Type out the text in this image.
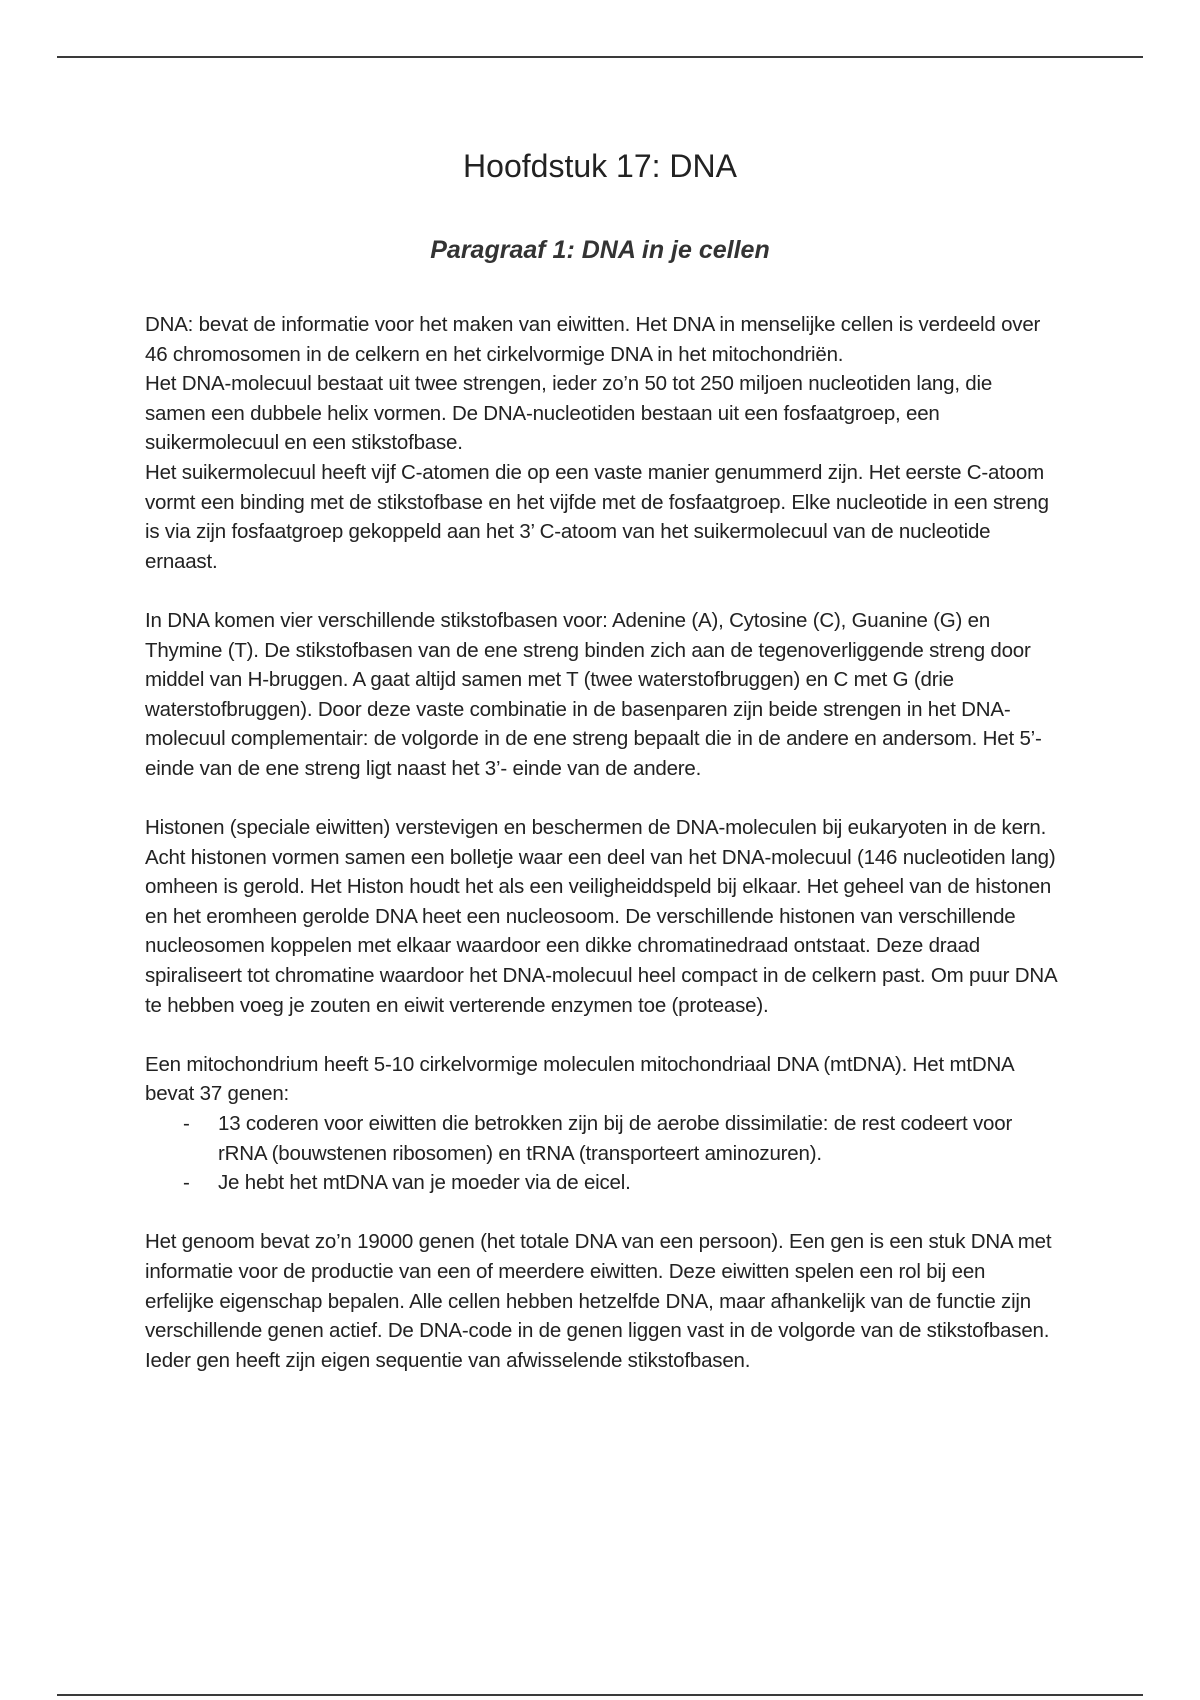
Hoofdstuk 17: DNA
Paragraaf 1: DNA in je cellen

DNA: bevat de informatie voor het maken van eiwitten. Het DNA in menselijke cellen is verdeeld over 46 chromosomen in de celkern en het cirkelvormige DNA in het mitochondriën.

Het DNA-molecuul bestaat uit twee strengen, ieder zo’n 50 tot 250 miljoen nucleotiden lang, die samen een dubbele helix vormen. De DNA-nucleotiden bestaan uit een fosfaatgroep, een suikermolecuul en een stikstofbase.

Het suikermolecuul heeft vijf C-atomen die op een vaste manier genummerd zijn. Het eerste C-atoom vormt een binding met de stikstofbase en het vijfde met de fosfaatgroep. Elke nucleotide in een streng is via zijn fosfaatgroep gekoppeld aan het 3’ C-atoom van het suikermolecuul van de nucleotide ernaast.

In DNA komen vier verschillende stikstofbasen voor: Adenine (A), Cytosine (C), Guanine (G) en Thymine (T). De stikstofbasen van de ene streng binden zich aan de tegenoverliggende streng door middel van H-bruggen. A gaat altijd samen met T (twee waterstofbruggen) en C met G (drie waterstofbruggen). Door deze vaste combinatie in de basenparen zijn beide strengen in het DNA-molecuul complementair: de volgorde in de ene streng bepaalt die in de andere en andersom. Het 5’-einde van de ene streng ligt naast het 3’- einde van de andere.

Histonen (speciale eiwitten) verstevigen en beschermen de DNA-moleculen bij eukaryoten in de kern. Acht histonen vormen samen een bolletje waar een deel van het DNA-molecuul (146 nucleotiden lang) omheen is gerold. Het Histon houdt het als een veiligheiddspeld bij elkaar. Het geheel van de histonen en het eromheen gerolde DNA heet een nucleosoom. De verschillende histonen van verschillende nucleosomen koppelen met elkaar waardoor een dikke chromatinedraad ontstaat. Deze draad spiraliseert tot chromatine waardoor het DNA-molecuul heel compact in de celkern past. Om puur DNA te hebben voeg je zouten en eiwit verterende enzymen toe (protease).

Een mitochondrium heeft 5-10 cirkelvormige moleculen mitochondriaal DNA (mtDNA). Het mtDNA bevat 37 genen:

- 13 coderen voor eiwitten die betrokken zijn bij de aerobe dissimilatie: de rest codeert voor rRNA (bouwstenen ribosomen) en tRNA (transporteert aminozuren).
- Je hebt het mtDNA van je moeder via de eicel.

Het genoom bevat zo’n 19000 genen (het totale DNA van een persoon). Een gen is een stuk DNA met informatie voor de productie van een of meerdere eiwitten. Deze eiwitten spelen een rol bij een erfelijke eigenschap bepalen. Alle cellen hebben hetzelfde DNA, maar afhankelijk van de functie zijn verschillende genen actief. De DNA-code in de genen liggen vast in de volgorde van de stikstofbasen. Ieder gen heeft zijn eigen sequentie van afwisselende stikstofbasen.
